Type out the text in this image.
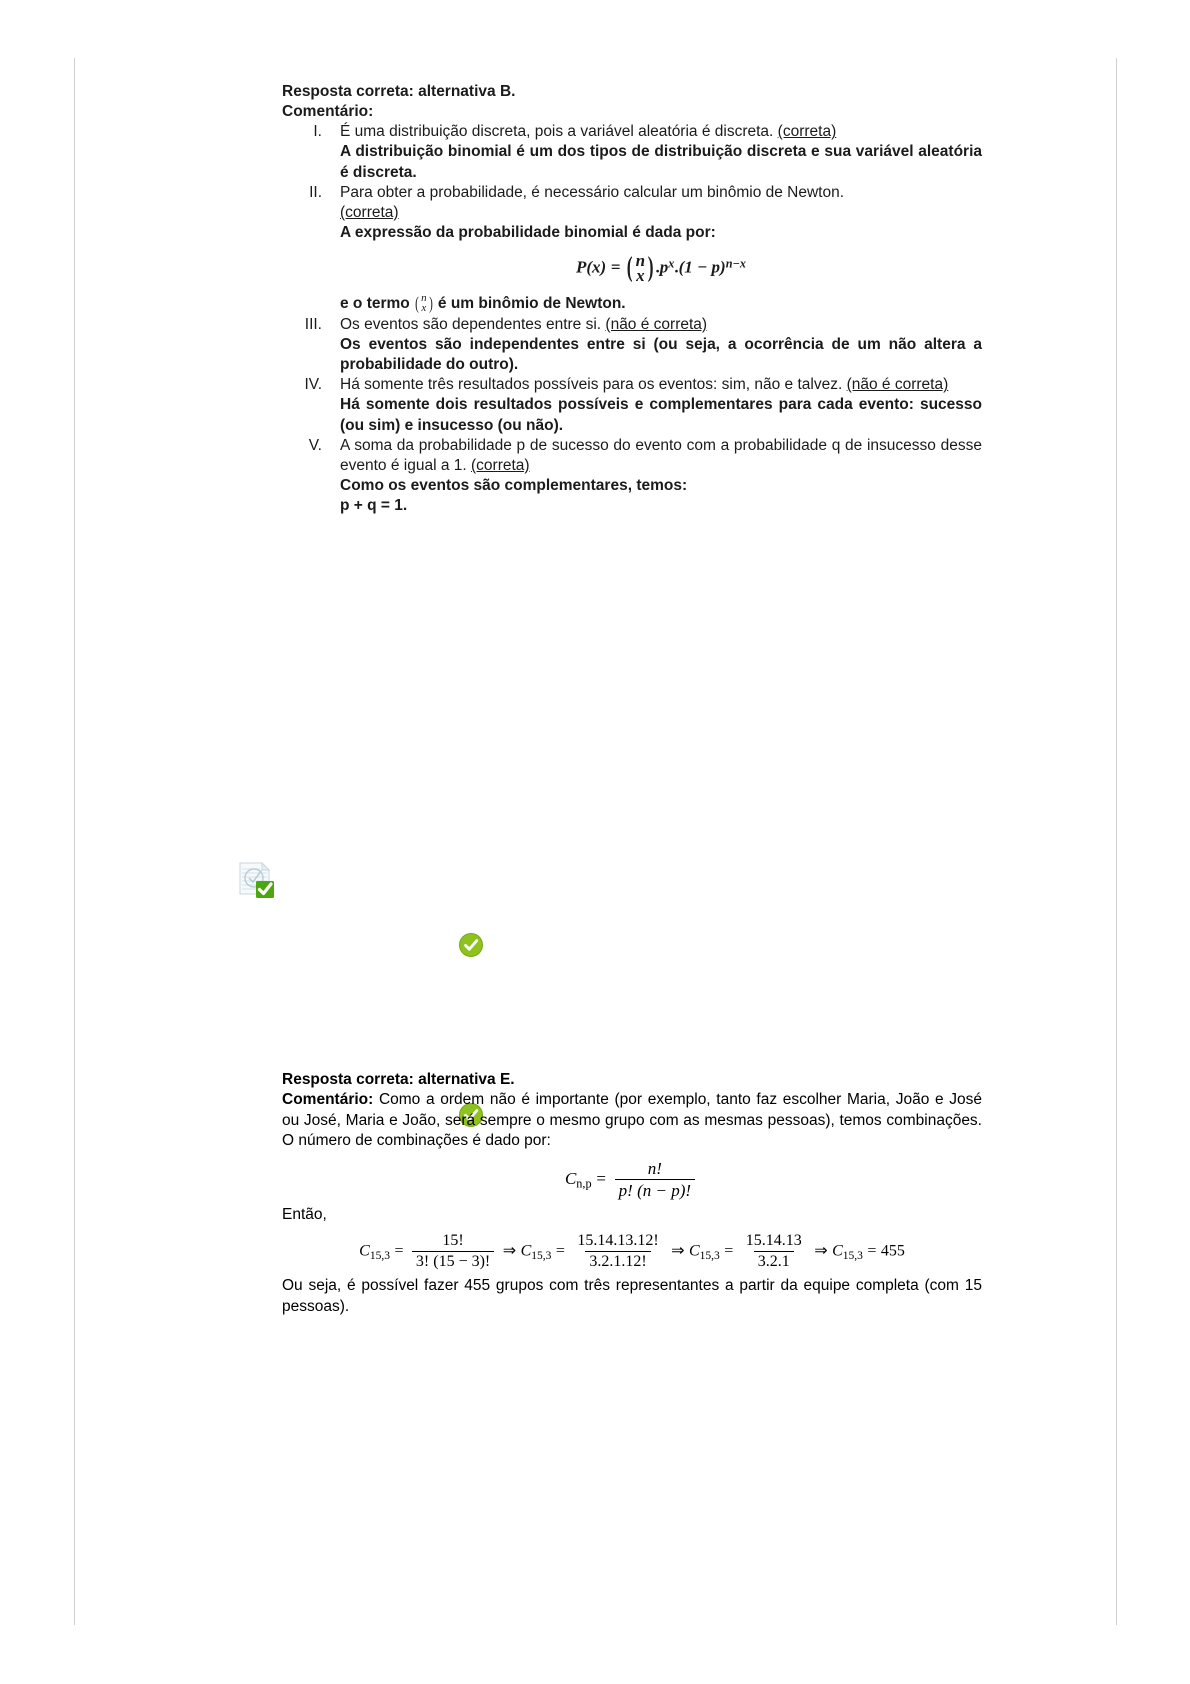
Resposta correta: alternativa B.
Comentário:
I. É uma distribuição discreta, pois a variável aleatória é discreta. (correta)

A distribuição binomial é um dos tipos de distribuição discreta e sua variável aleatória é discreta.

II. Para obter a probabilidade, é necessário calcular um binômio de Newton.

(correta)

A expressão da probabilidade binomial é dada por:

P(x) = ( n
x ) $.p^x.(1 - p)^{n-x}$

e o termo ( n
x ) é um binômio de Newton.

III. Os eventos são dependentes entre si. (não é correta)

Os eventos são independentes entre si (ou seja, a ocorrência de um não altera a probabilidade do outro).

IV. Há somente três resultados possíveis para os eventos: sim, não e talvez. (não é correta)

Há somente dois resultados possíveis e complementares para cada evento: sucesso (ou sim) e insucesso (ou não).

V. A soma da probabilidade p de sucesso do evento com a probabilidade q de insucesso desse evento é igual a 1. (correta)

Como os eventos são complementares, temos:

p + q = 1.

Resposta correta: alternativa E.

Comentário: Como a ordem não é importante (por exemplo, tanto faz escolher Maria, João e José ou José, Maria e João, será sempre o mesmo grupo com as mesmas pessoas), temos combinações. O número de combinações é dado por:

$C_{n,p} = \frac{n!}{p! (n - p)!}$

Então,

$C_{15,3} = \frac{15!}{3! (15 - 3)!}$ ⇒ $C_{15,3} = \frac{15.14.13.12!}{3.2.1.12!}$ ⇒ $C_{15,3} = \frac{15.14.13}{3.2.1}$ ⇒ $C_{15,3} = 455$

Ou seja, é possível fazer 455 grupos com três representantes a partir da equipe completa (com 15 pessoas).
